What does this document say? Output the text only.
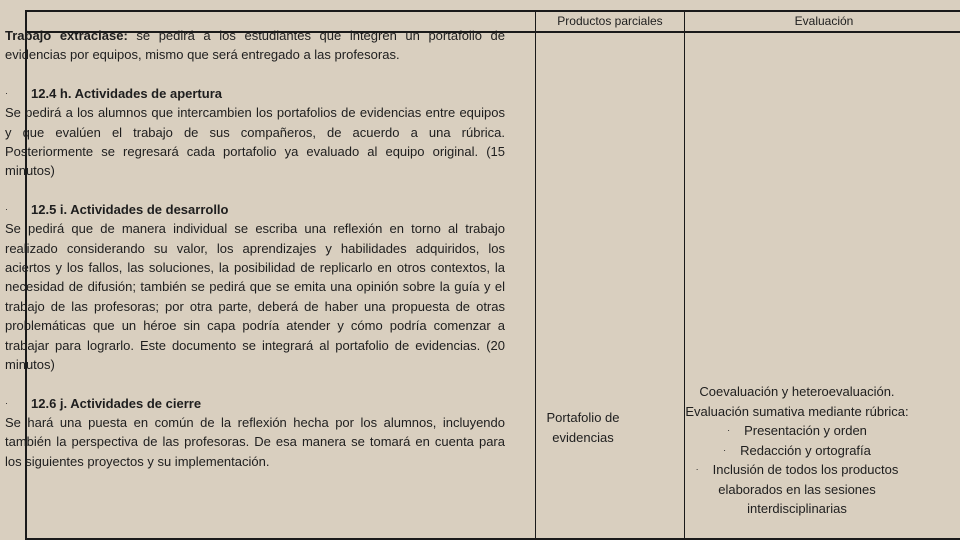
Productos parciales	Evaluación

Trabajo extraclase: se pedirá a los estudiantes que integren un portafolio de evidencias por equipos, mismo que será entregado a las profesoras.

· 12.4 h. Actividades de apertura

Se pedirá a los alumnos que intercambien los portafolios de evidencias entre equipos y que evalúen el trabajo de sus compañeros, de acuerdo a una rúbrica. Posteriormente se regresará cada portafolio ya evaluado al equipo original. (15 minutos)

· 12.5 i. Actividades de desarrollo

Se pedirá que de manera individual se escriba una reflexión en torno al trabajo realizado considerando su valor, los aprendizajes y habilidades adquiridos, los aciertos y los fallos, las soluciones, la posibilidad de replicarlo en otros contextos, la necesidad de difusión; también se pedirá que se emita una opinión sobre la guía y el trabajo de las profesoras; por otra parte, deberá de haber una propuesta de otras problemáticas que un héroe sin capa podría atender y cómo podría comenzar a trabajar para lograrlo. Este documento se integrará al portafolio de evidencias. (20 minutos)

· 12.6 j. Actividades de cierre

Se hará una puesta en común de la reflexión hecha por los alumnos, incluyendo también la perspectiva de las profesoras. De esa manera se tomará en cuenta para los siguientes proyectos y su implementación.

Portafolio de
evidencias
Coevaluación y heteroevaluación.
Evaluación sumativa mediante rúbrica:
· Presentación y orden
· Redacción y ortografía
· Inclusión de todos los productos
elaborados en las sesiones
interdisciplinarias
